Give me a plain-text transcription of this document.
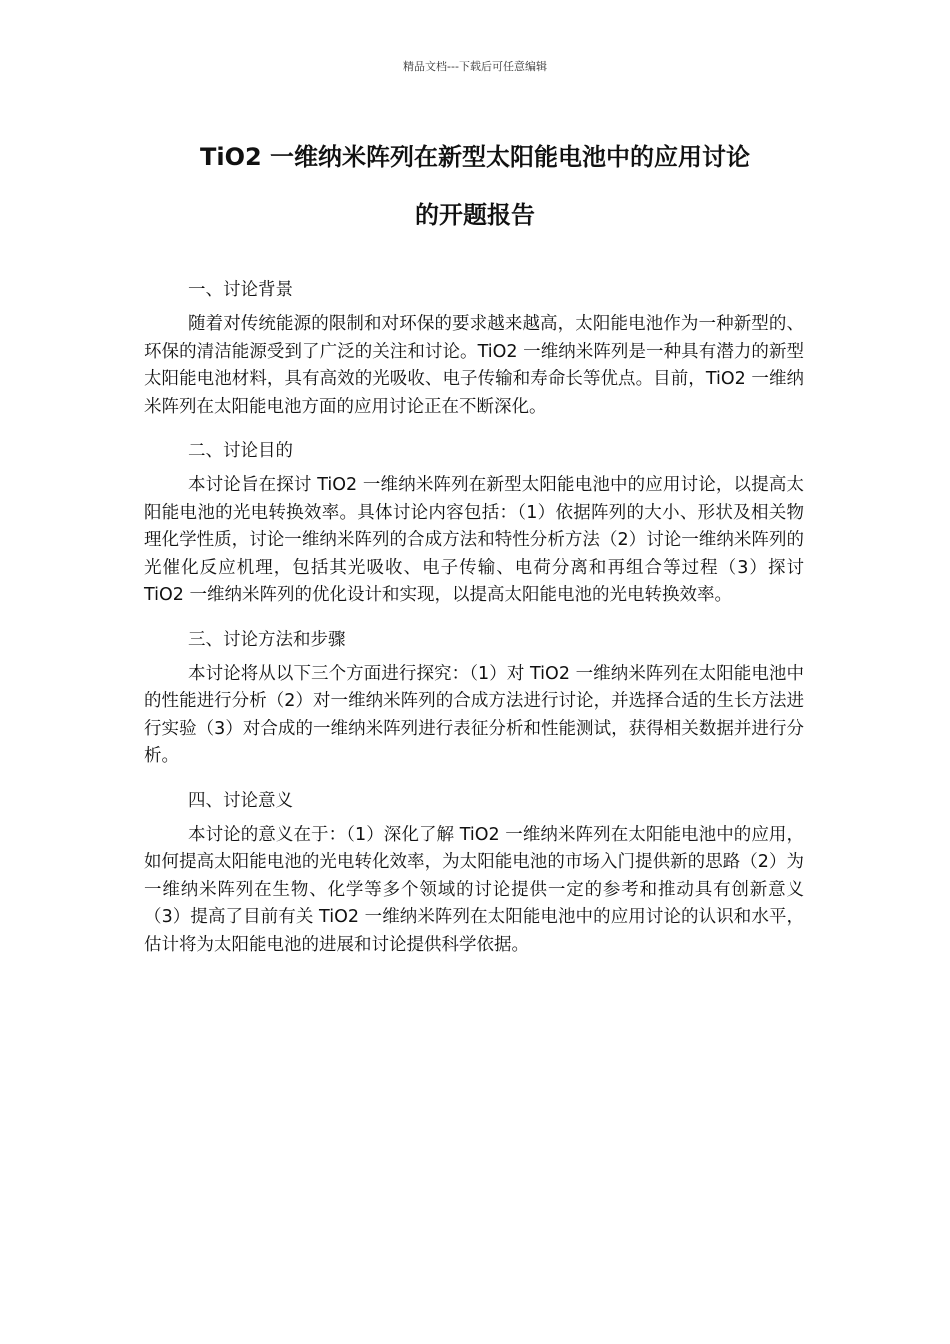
精品文档---下载后可任意编辑
TiO2 一维纳米阵列在新型太阳能电池中的应用讨论
的开题报告

一、讨论背景

随着对传统能源的限制和对环保的要求越来越高，太阳能电池作为一种新型的、环保的清洁能源受到了广泛的关注和讨论。TiO2 一维纳米阵列是一种具有潜力的新型太阳能电池材料，具有高效的光吸收、电子传输和寿命长等优点。目前，TiO2 一维纳米阵列在太阳能电池方面的应用讨论正在不断深化。

二、讨论目的

本讨论旨在探讨 TiO2 一维纳米阵列在新型太阳能电池中的应用讨论，以提高太阳能电池的光电转换效率。具体讨论内容包括：（1）依据阵列的大小、形状及相关物理化学性质，讨论一维纳米阵列的合成方法和特性分析方法（2）讨论一维纳米阵列的光催化反应机理，包括其光吸收、电子传输、电荷分离和再组合等过程（3）探讨 TiO2 一维纳米阵列的优化设计和实现，以提高太阳能电池的光电转换效率。

三、讨论方法和步骤

本讨论将从以下三个方面进行探究：（1）对 TiO2 一维纳米阵列在太阳能电池中的性能进行分析（2）对一维纳米阵列的合成方法进行讨论，并选择合适的生长方法进行实验（3）对合成的一维纳米阵列进行表征分析和性能测试，获得相关数据并进行分析。

四、讨论意义

本讨论的意义在于：（1）深化了解 TiO2 一维纳米阵列在太阳能电池中的应用，如何提高太阳能电池的光电转化效率，为太阳能电池的市场入门提供新的思路（2）为一维纳米阵列在生物、化学等多个领域的讨论提供一定的参考和推动具有创新意义（3）提高了目前有关 TiO2 一维纳米阵列在太阳能电池中的应用讨论的认识和水平，估计将为太阳能电池的进展和讨论提供科学依据。
